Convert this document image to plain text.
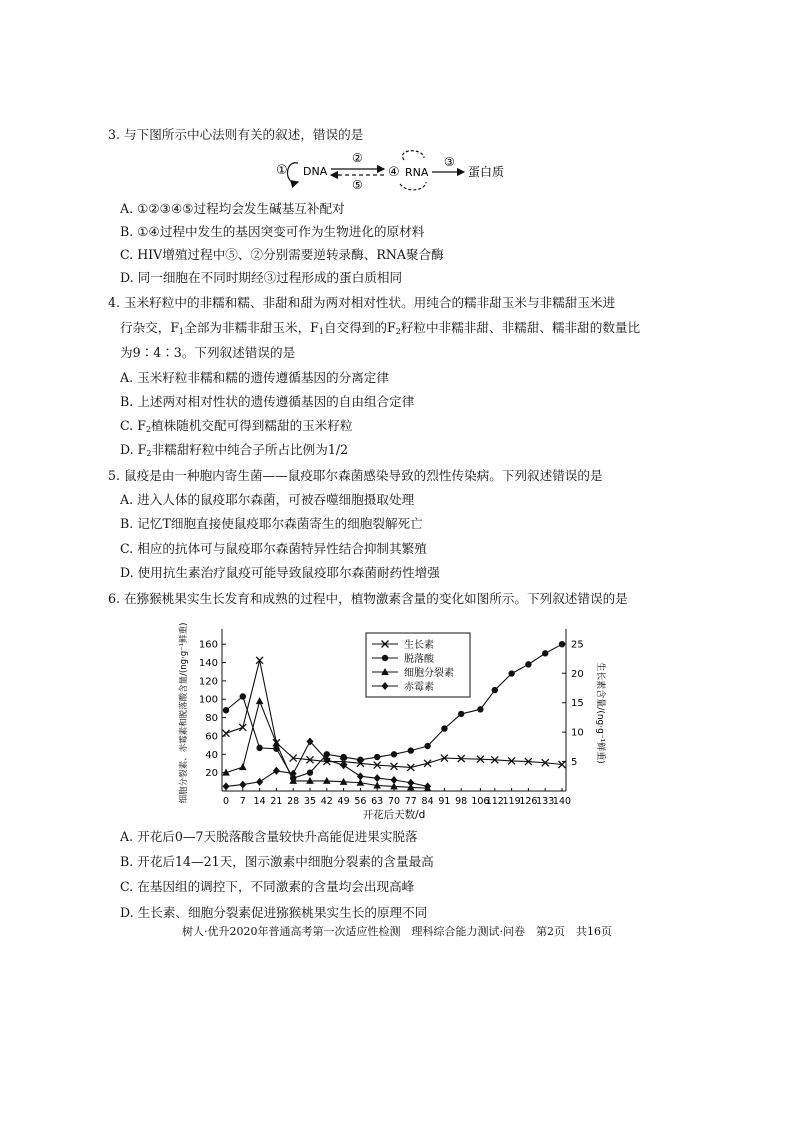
3. 与下图所示中心法则有关的叙述，错误的是
① DNA
②
⑤
④ RNA
③
蛋白质
A. ①②③④⑤过程均会发生碱基互补配对
B. ①④过程中发生的基因突变可作为生物进化的原材料
C. HIV增殖过程中⑤、②分别需要逆转录酶、RNA聚合酶
D. 同一细胞在不同时期经③过程形成的蛋白质相同
4. 玉米籽粒中的非糯和糯、非甜和甜为两对相对性状。用纯合的糯非甜玉米与非糯甜玉米进
行杂交，$F_1$全部为非糯非甜玉米，$F_1$自交得到的$F_2$籽粒中非糯非甜、非糯甜、糯非甜的数量比
为9∶4∶3。下列叙述错误的是
A. 玉米籽粒非糯和糯的遗传遵循基因的分离定律
B. 上述两对相对性状的遗传遵循基因的自由组合定律
C. $F_2$植株随机交配可得到糯甜的玉米籽粒
D. $F_2$非糯甜籽粒中纯合子所占比例为1/2
5. 鼠疫是由一种胞内寄生菌——鼠疫耶尔森菌感染导致的烈性传染病。下列叙述错误的是
A. 进入人体的鼠疫耶尔森菌，可被吞噬细胞摄取处理
B. 记忆T细胞直接使鼠疫耶尔森菌寄生的细胞裂解死亡
C. 相应的抗体可与鼠疫耶尔森菌特异性结合抑制其繁殖
D. 使用抗生素治疗鼠疫可能导致鼠疫耶尔森菌耐药性增强
6. 在猕猴桃果实生长发育和成熟的过程中，植物激素含量的变化如图所示。下列叙述错误的是
20
40
60
80
100
120
140
160
5
10
15
20
25
0 7 14 21 28 35 42 49 56 63 70 77 84 91 98 106
112
119
126
133
140
开花后天数/d
细胞分裂素、赤霉素和脱落酸含量/(ng·g⁻¹鲜重)	生长素含量/(ng·g⁻¹鲜重)
生长素
脱落酸
细胞分裂素
赤霉素
A. 开花后0—7天脱落酸含量较快升高能促进果实脱落
B. 开花后14—21天，图示激素中细胞分裂素的含量最高
C. 在基因组的调控下，不同激素的含量均会出现高峰
D. 生长素、细胞分裂素促进猕猴桃果实生长的原理不同
树人·优升2020年普通高考第一次适应性检测　理科综合能力测试·问卷　第2页　共16页
